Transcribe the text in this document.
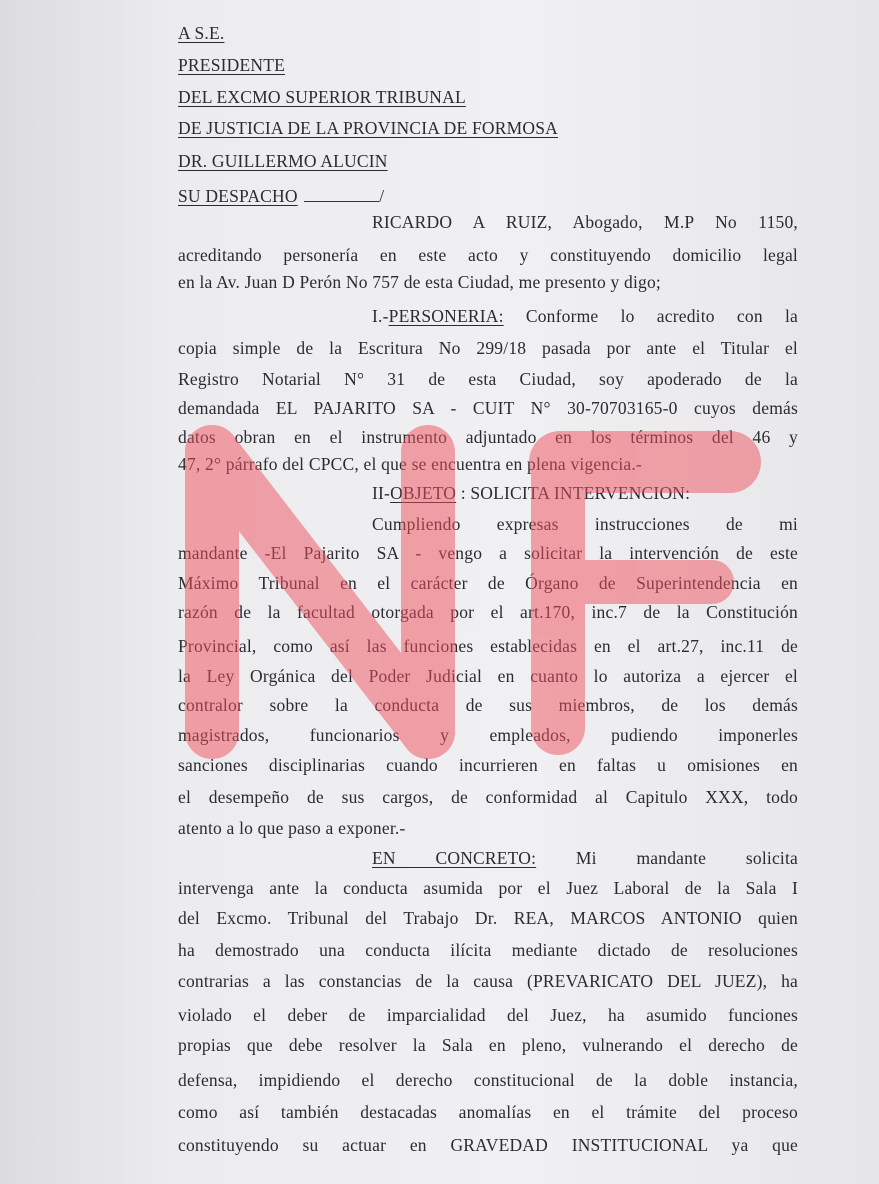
A S.E.
PRESIDENTE
DEL EXCMO SUPERIOR TRIBUNAL
DE JUSTICIA DE LA PROVINCIA DE FORMOSA
DR. GUILLERMO ALUCIN
SU DESPACHO	/
RICARDO A RUIZ, Abogado, M.P No 1150,
acreditando personería en este acto y constituyendo domicilio legal
en la Av. Juan D Perón No 757 de esta Ciudad, me presento y digo;
I.-PERSONERIA: Conforme lo acredito con la
copia simple de la Escritura No 299/18 pasada por ante el Titular el
Registro Notarial N° 31 de esta Ciudad, soy apoderado de la
demandada EL PAJARITO SA - CUIT N° 30-70703165-0 cuyos demás
datos obran en el instrumento adjuntado en los términos del 46 y
47, 2° párrafo del CPCC, el que se encuentra en plena vigencia.-
II-OBJETO : SOLICITA INTERVENCION:
Cumpliendo expresas instrucciones de mi
mandante -El Pajarito SA - vengo a solicitar la intervención de este
Máximo Tribunal en el carácter de Órgano de Superintendencia en
razón de la facultad otorgada por el art.170, inc.7 de la Constitución
Provincial, como así las funciones establecidas en el art.27, inc.11 de
la Ley Orgánica del Poder Judicial en cuanto lo autoriza a ejercer el
contralor sobre la conducta de sus miembros, de los demás
magistrados, funcionarios y empleados, pudiendo imponerles
sanciones disciplinarias cuando incurrieren en faltas u omisiones en
el desempeño de sus cargos, de conformidad al Capitulo XXX, todo
atento a lo que paso a exponer.-
EN CONCRETO: Mi mandante solicita
intervenga ante la conducta asumida por el Juez Laboral de la Sala I
del Excmo. Tribunal del Trabajo Dr. REA, MARCOS ANTONIO quien
ha demostrado una conducta ilícita mediante dictado de resoluciones
contrarias a las constancias de la causa (PREVARICATO DEL JUEZ), ha
violado el deber de imparcialidad del Juez, ha asumido funciones
propias que debe resolver la Sala en pleno, vulnerando el derecho de
defensa, impidiendo el derecho constitucional de la doble instancia,
como así también destacadas anomalías en el trámite del proceso
constituyendo su actuar en GRAVEDAD INSTITUCIONAL ya que
